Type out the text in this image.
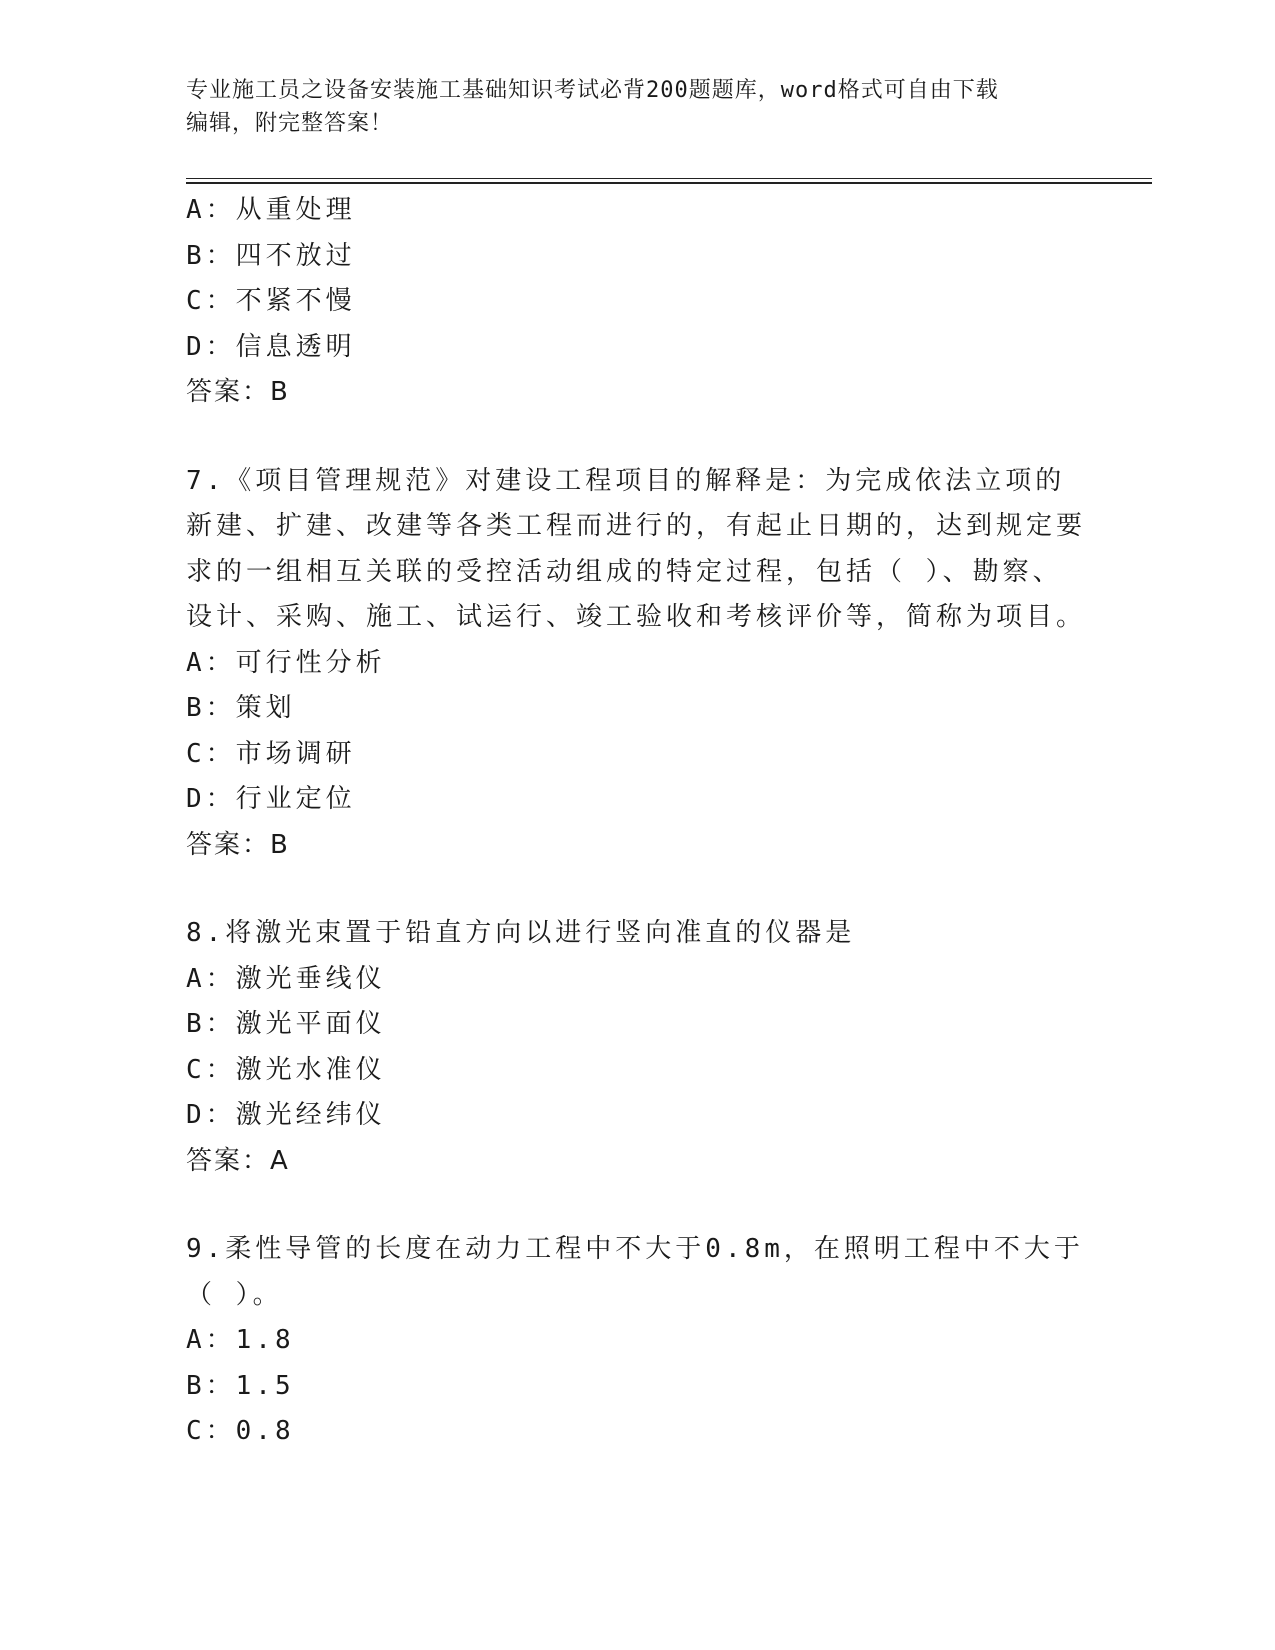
专业施工员之设备安装施工基础知识考试必背200题题库，word格式可自由下载
编辑，附完整答案！
A：从重处理
B：四不放过
C：不紧不慢
D：信息透明
答案：B

7.《项目管理规范》对建设工程项目的解释是：为完成依法立项的新建、扩建、改建等各类工程而进行的，有起止日期的，达到规定要求的一组相互关联的受控活动组成的特定过程，包括（ ）、勘察、设计、采购、施工、试运行、竣工验收和考核评价等，简称为项目。

A：可行性分析
B：策划
C：市场调研
D：行业定位
答案：B

8.将激光束置于铅直方向以进行竖向准直的仪器是

A：激光垂线仪
B：激光平面仪
C：激光水准仪
D：激光经纬仪
答案：A

9.柔性导管的长度在动力工程中不大于0.8m，在照明工程中不大于（ ）。

A：1.8
B：1.5
C：0.8
